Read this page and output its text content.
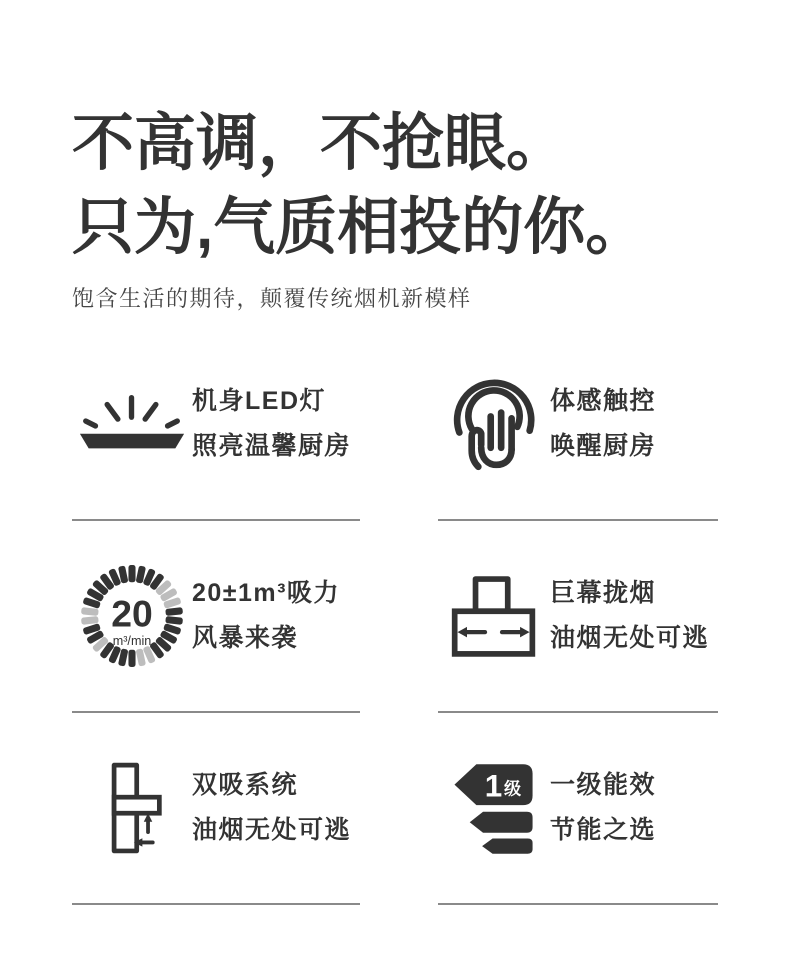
不高调，不抢眼。
只为,气质相投的你。
饱含生活的期待，颠覆传统烟机新模样
机身LED灯
照亮温馨厨房
体感触控
唤醒厨房
20
m³/min
20±1m³吸力
风暴来袭
巨幕拢烟
油烟无处可逃
双吸系统
油烟无处可逃
1 级 一级能效
节能之选
